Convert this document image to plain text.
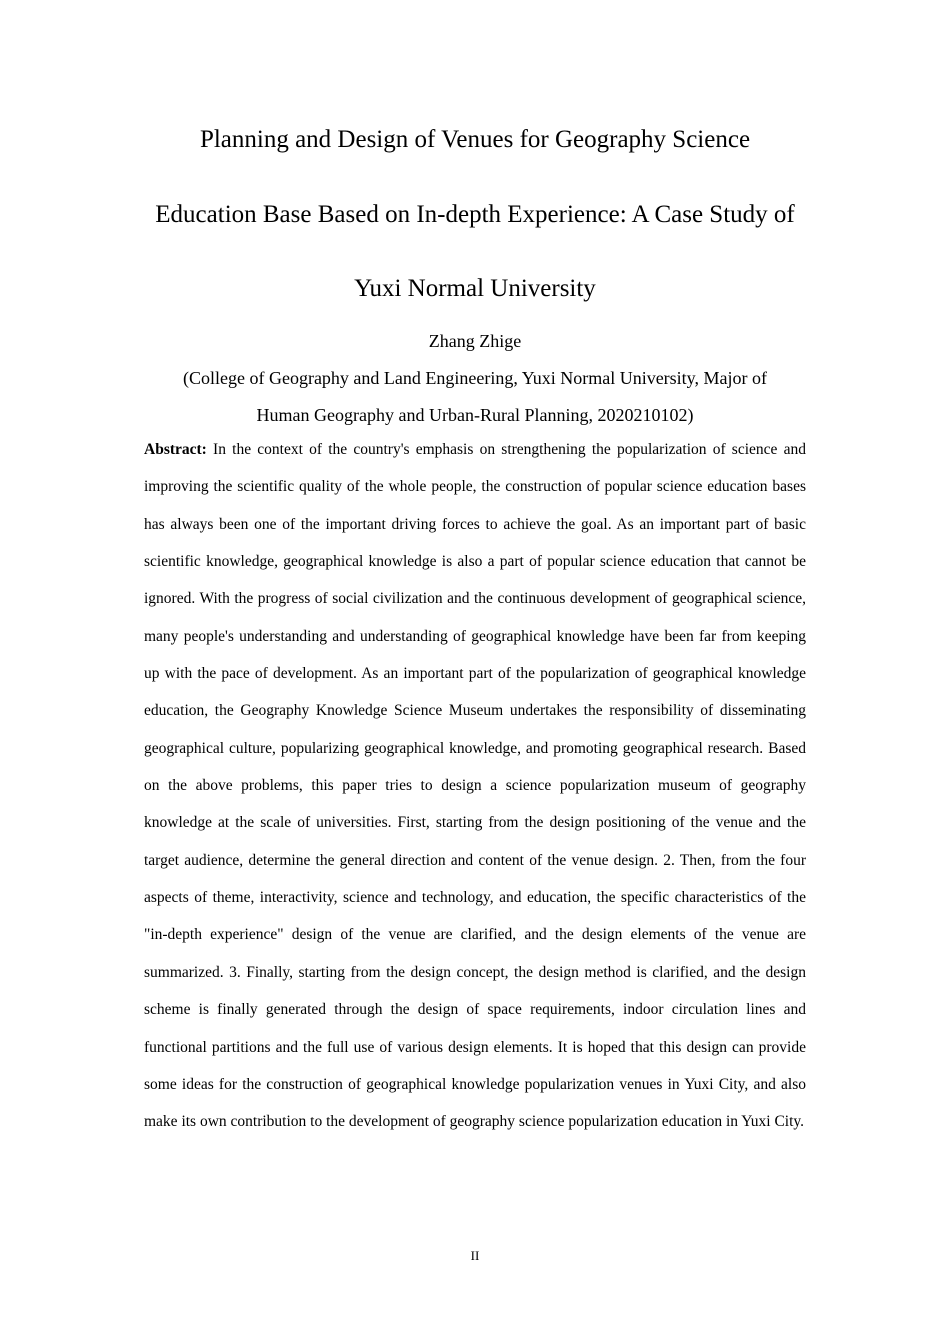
Planning and Design of Venues for Geography Science
Education Base Based on In-depth Experience: A Case Study of
Yuxi Normal University
Zhang Zhige
(College of Geography and Land Engineering, Yuxi Normal University, Major of
Human Geography and Urban-Rural Planning, 2020210102)

Abstract: In the context of the country's emphasis on strengthening the popularization of science and improving the scientific quality of the whole people, the construction of popular science education bases has always been one of the important driving forces to achieve the goal. As an important part of basic scientific knowledge, geographical knowledge is also a part of popular science education that cannot be ignored. With the progress of social civilization and the continuous development of geographical science, many people's understanding and understanding of geographical knowledge have been far from keeping up with the pace of development. As an important part of the popularization of geographical knowledge education, the Geography Knowledge Science Museum undertakes the responsibility of disseminating geographical culture, popularizing geographical knowledge, and promoting geographical research. Based on the above problems, this paper tries to design a science popularization museum of geography knowledge at the scale of universities. First, starting from the design positioning of the venue and the target audience, determine the general direction and content of the venue design. 2. Then, from the four aspects of theme, interactivity, science and technology, and education, the specific characteristics of the "in-depth experience" design of the venue are clarified, and the design elements of the venue are summarized. 3. Finally, starting from the design concept, the design method is clarified, and the design scheme is finally generated through the design of space requirements, indoor circulation lines and functional partitions and the full use of various design elements. It is hoped that this design can provide some ideas for the construction of geographical knowledge popularization venues in Yuxi City, and also make its own contribution to the development of geography science popularization education in Yuxi City.

II
